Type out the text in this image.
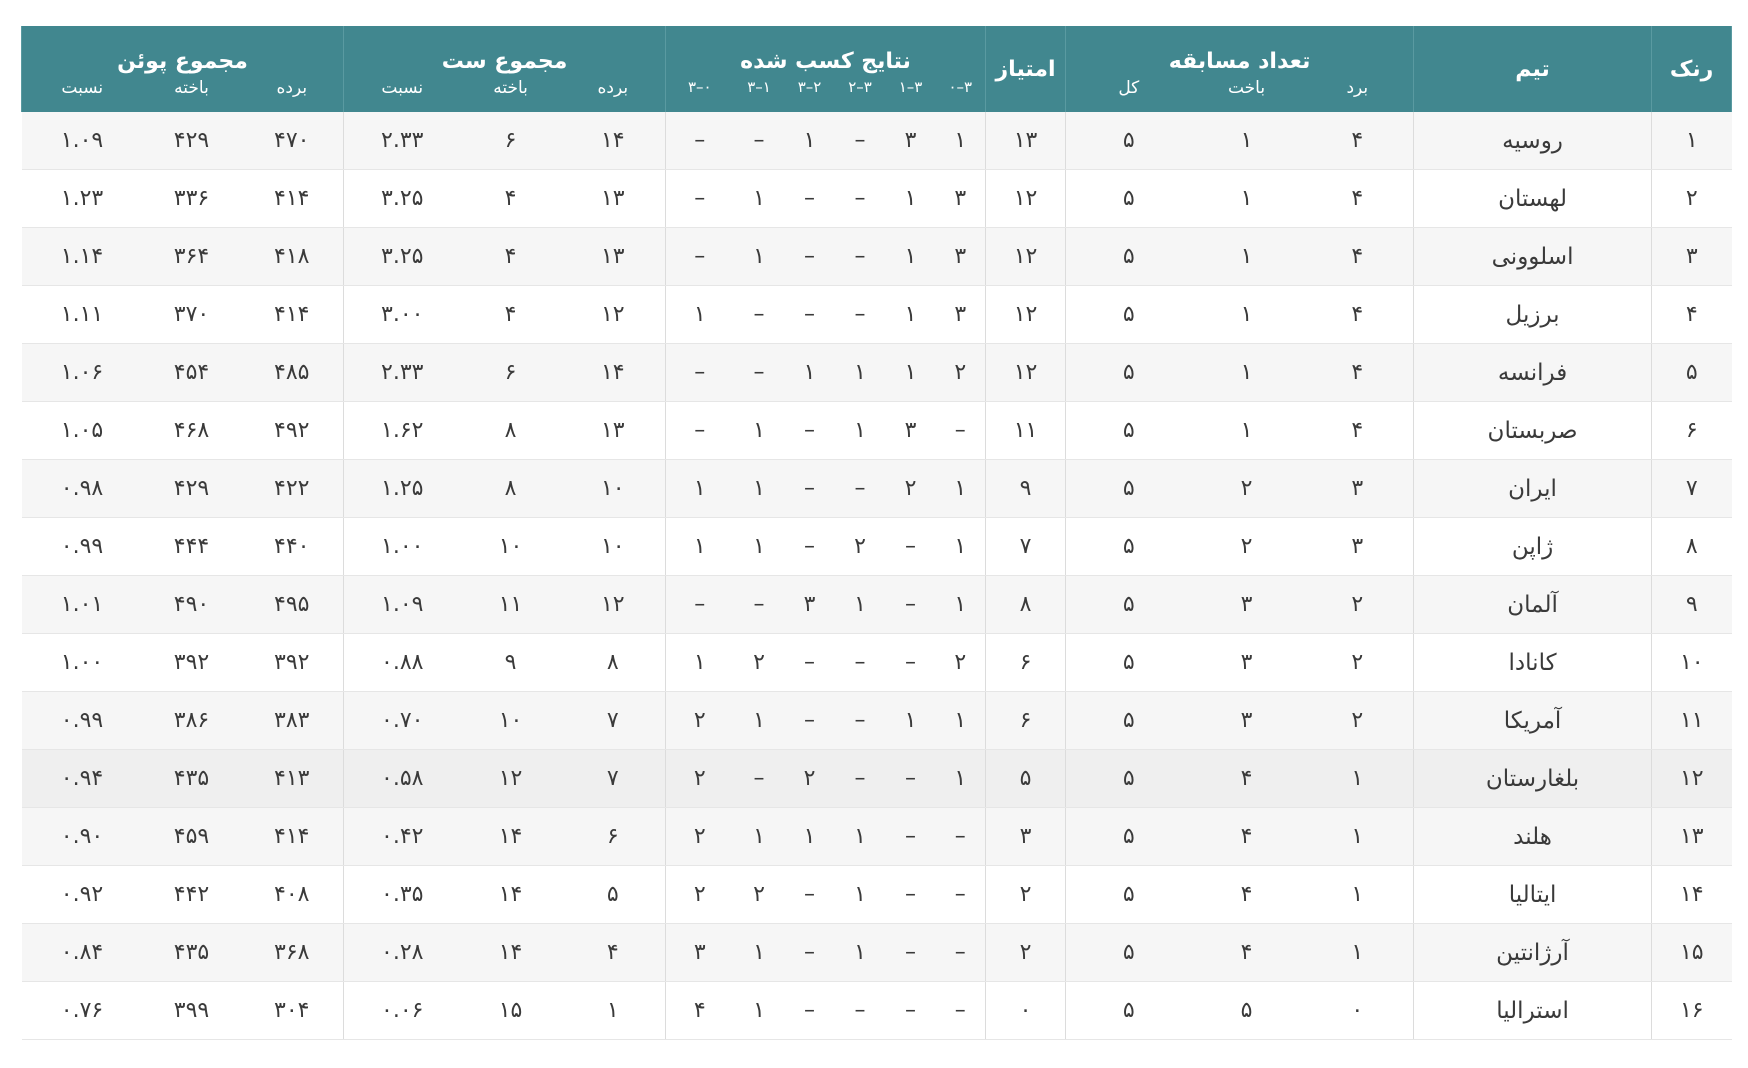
رنک	تیم	تعداد مسابقه			امتیاز	نتایج کسب شده						مجموع ست			مجموع پوئن		
		برد	باخت	کل		۳–۰	۳–۱	۳–۲	۲–۳	۱–۳	۰–۳	برده	باخته	نسبت	برده	باخته	نسبت
۱	روسیه	۴	۱	۵	۱۳	۱	۳	–	۱	–	–	۱۴	۶	۲.۳۳	۴۷۰	۴۲۹	۱.۰۹
۲	لهستان	۴	۱	۵	۱۲	۳	۱	–	–	۱	–	۱۳	۴	۳.۲۵	۴۱۴	۳۳۶	۱.۲۳
۳	اسلوونی	۴	۱	۵	۱۲	۳	۱	–	–	۱	–	۱۳	۴	۳.۲۵	۴۱۸	۳۶۴	۱.۱۴
۴	برزیل	۴	۱	۵	۱۲	۳	۱	–	–	–	۱	۱۲	۴	۳.۰۰	۴۱۴	۳۷۰	۱.۱۱
۵	فرانسه	۴	۱	۵	۱۲	۲	۱	۱	۱	–	–	۱۴	۶	۲.۳۳	۴۸۵	۴۵۴	۱.۰۶
۶	صربستان	۴	۱	۵	۱۱	–	۳	۱	–	۱	–	۱۳	۸	۱.۶۲	۴۹۲	۴۶۸	۱.۰۵
۷	ایران	۳	۲	۵	۹	۱	۲	–	–	۱	۱	۱۰	۸	۱.۲۵	۴۲۲	۴۲۹	۰.۹۸
۸	ژاپن	۳	۲	۵	۷	۱	–	۲	–	۱	۱	۱۰	۱۰	۱.۰۰	۴۴۰	۴۴۴	۰.۹۹
۹	آلمان	۲	۳	۵	۸	۱	–	۱	۳	–	–	۱۲	۱۱	۱.۰۹	۴۹۵	۴۹۰	۱.۰۱
۱۰	کانادا	۲	۳	۵	۶	۲	–	–	–	۲	۱	۸	۹	۰.۸۸	۳۹۲	۳۹۲	۱.۰۰
۱۱	آمریکا	۲	۳	۵	۶	۱	۱	–	–	۱	۲	۷	۱۰	۰.۷۰	۳۸۳	۳۸۶	۰.۹۹
۱۲	بلغارستان	۱	۴	۵	۵	۱	–	–	۲	–	۲	۷	۱۲	۰.۵۸	۴۱۳	۴۳۵	۰.۹۴
۱۳	هلند	۱	۴	۵	۳	–	–	۱	۱	۱	۲	۶	۱۴	۰.۴۲	۴۱۴	۴۵۹	۰.۹۰
۱۴	ایتالیا	۱	۴	۵	۲	–	–	۱	–	۲	۲	۵	۱۴	۰.۳۵	۴۰۸	۴۴۲	۰.۹۲
۱۵	آرژانتین	۱	۴	۵	۲	–	–	۱	–	۱	۳	۴	۱۴	۰.۲۸	۳۶۸	۴۳۵	۰.۸۴
۱۶	استرالیا	۰	۵	۵	۰	–	–	–	–	۱	۴	۱	۱۵	۰.۰۶	۳۰۴	۳۹۹	۰.۷۶
